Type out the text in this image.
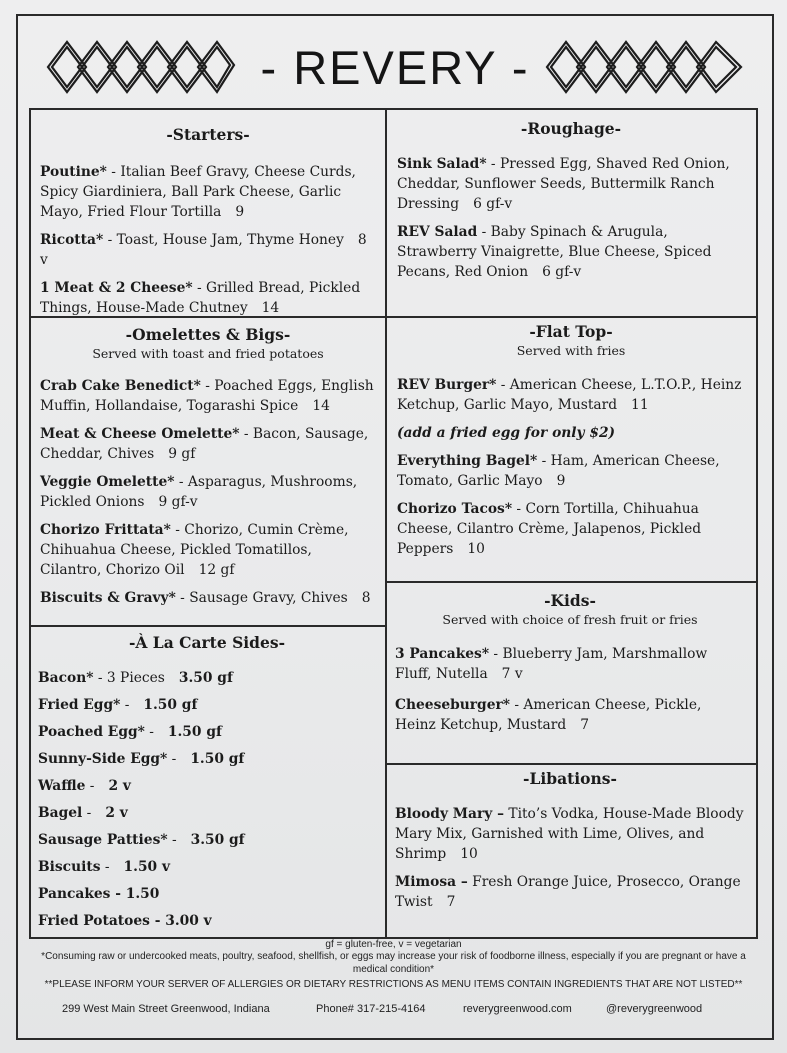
- REVERY -
-Starters-
Poutine* - Italian Beef Gravy, Cheese Curds, Spicy Giardiniera, Ball Park Cheese, Garlic Mayo, Fried Flour Tortilla 9
Ricotta* - Toast, House Jam, Thyme Honey 8 v
1 Meat & 2 Cheese* - Grilled Bread, Pickled Things, House-Made Chutney 14
-Roughage-
Sink Salad* - Pressed Egg, Shaved Red Onion, Cheddar, Sunflower Seeds, Buttermilk Ranch Dressing 6 gf-v
REV Salad - Baby Spinach & Arugula, Strawberry Vinaigrette, Blue Cheese, Spiced Pecans, Red Onion 6 gf-v
-Omelettes & Bigs-
Served with toast and fried potatoes
Crab Cake Benedict* - Poached Eggs, English Muffin, Hollandaise, Togarashi Spice 14
Meat & Cheese Omelette* - Bacon, Sausage, Cheddar, Chives 9 gf
Veggie Omelette* - Asparagus, Mushrooms, Pickled Onions 9 gf-v
Chorizo Frittata* - Chorizo, Cumin Crème, Chihuahua Cheese, Pickled Tomatillos, Cilantro, Chorizo Oil 12 gf
Biscuits & Gravy* - Sausage Gravy, Chives 8
-Flat Top-
Served with fries
REV Burger* - American Cheese, L.T.O.P., Heinz Ketchup, Garlic Mayo, Mustard 11
(add a fried egg for only $2)
Everything Bagel* - Ham, American Cheese, Tomato, Garlic Mayo 9
Chorizo Tacos* - Corn Tortilla, Chihuahua Cheese, Cilantro Crème, Jalapenos, Pickled Peppers 10
-À La Carte Sides-
Bacon* - 3 Pieces 3.50 gf
Fried Egg* - 1.50 gf
Poached Egg* - 1.50 gf
Sunny-Side Egg* - 1.50 gf
Waffle - 2 v
Bagel - 2 v
Sausage Patties* - 3.50 gf
Biscuits - 1.50 v
Pancakes - 1.50
Fried Potatoes - 3.00 v
-Kids-
Served with choice of fresh fruit or fries
3 Pancakes* - Blueberry Jam, Marshmallow Fluff, Nutella 7 v
Cheeseburger* - American Cheese, Pickle, Heinz Ketchup, Mustard 7
-Libations-
Bloody Mary – Tito’s Vodka, House-Made Bloody Mary Mix, Garnished with Lime, Olives, and Shrimp 10
Mimosa – Fresh Orange Juice, Prosecco, Orange Twist 7
gf = gluten-free, v = vegetarian
*Consuming raw or undercooked meats, poultry, seafood, shellfish, or eggs may increase your risk of foodborne illness, especially if you are pregnant or have a medical condition*
**PLEASE INFORM YOUR SERVER OF ALLERGIES OR DIETARY RESTRICTIONS AS MENU ITEMS CONTAIN INGREDIENTS THAT ARE NOT LISTED**
299 West Main Street Greenwood, Indiana	Phone# 317-215-4164	reverygreenwood.com	@reverygreenwood
